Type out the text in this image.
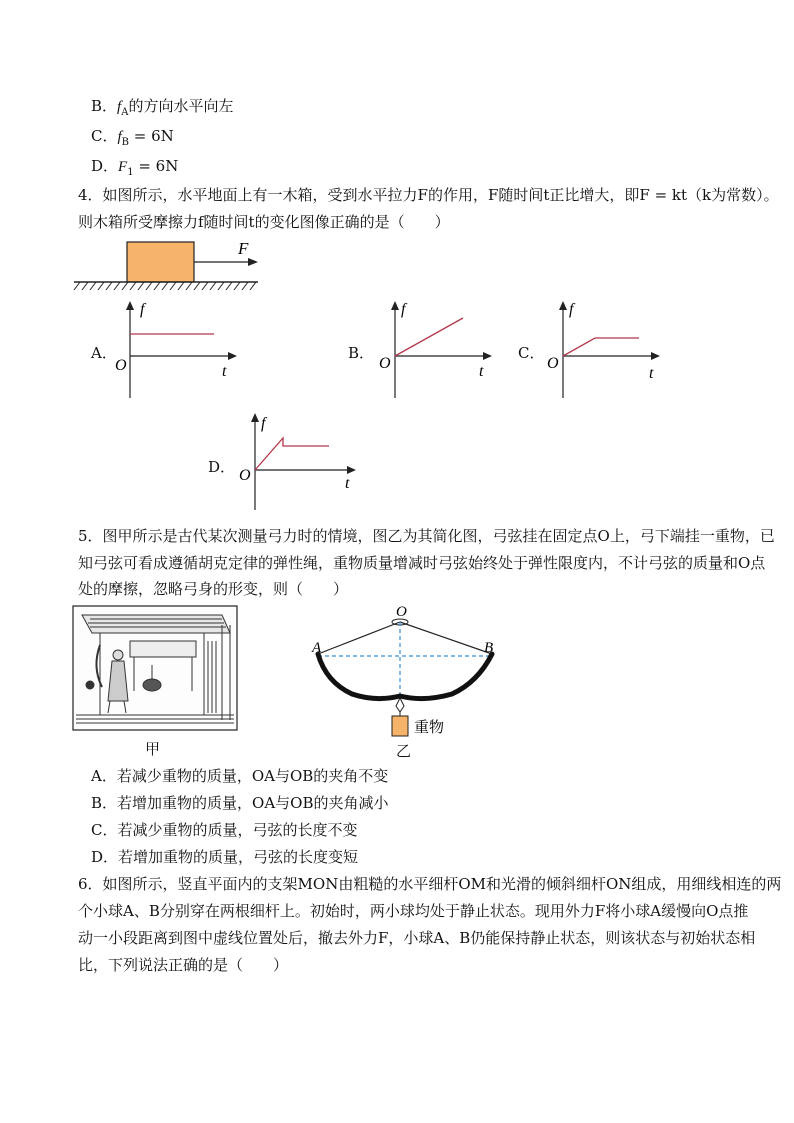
B．$f_A$的方向水平向左
C．$f_B = 6N$
D．$F_1 = 6N$
4．如图所示，水平地面上有一木箱，受到水平拉力F的作用，F随时间t正比增大，即F = kt（k为常数）。
则木箱所受摩擦力f随时间t的变化图像正确的是（　　）
F
A．
f
t
O
B．
f
t
O
C．
f
t
O
D．
f
t
O
5．图甲所示是古代某次测量弓力时的情境，图乙为其简化图，弓弦挂在固定点O上，弓下端挂一重物，已
知弓弦可看成遵循胡克定律的弹性绳，重物质量增减时弓弦始终处于弹性限度内，不计弓弦的质量和O点
处的摩擦，忽略弓身的形变，则（　　）
甲
重物
O
A	B
乙
A．若减少重物的质量，OA与OB的夹角不变
B．若增加重物的质量，OA与OB的夹角减小
C．若减少重物的质量，弓弦的长度不变
D．若增加重物的质量，弓弦的长度变短
6．如图所示，竖直平面内的支架MON由粗糙的水平细杆OM和光滑的倾斜细杆ON组成，用细线相连的两
个小球A、B分别穿在两根细杆上。初始时，两小球均处于静止状态。现用外力F将小球A缓慢向O点推
动一小段距离到图中虚线位置处后，撤去外力F，小球A、B仍能保持静止状态，则该状态与初始状态相
比，下列说法正确的是（　　）
